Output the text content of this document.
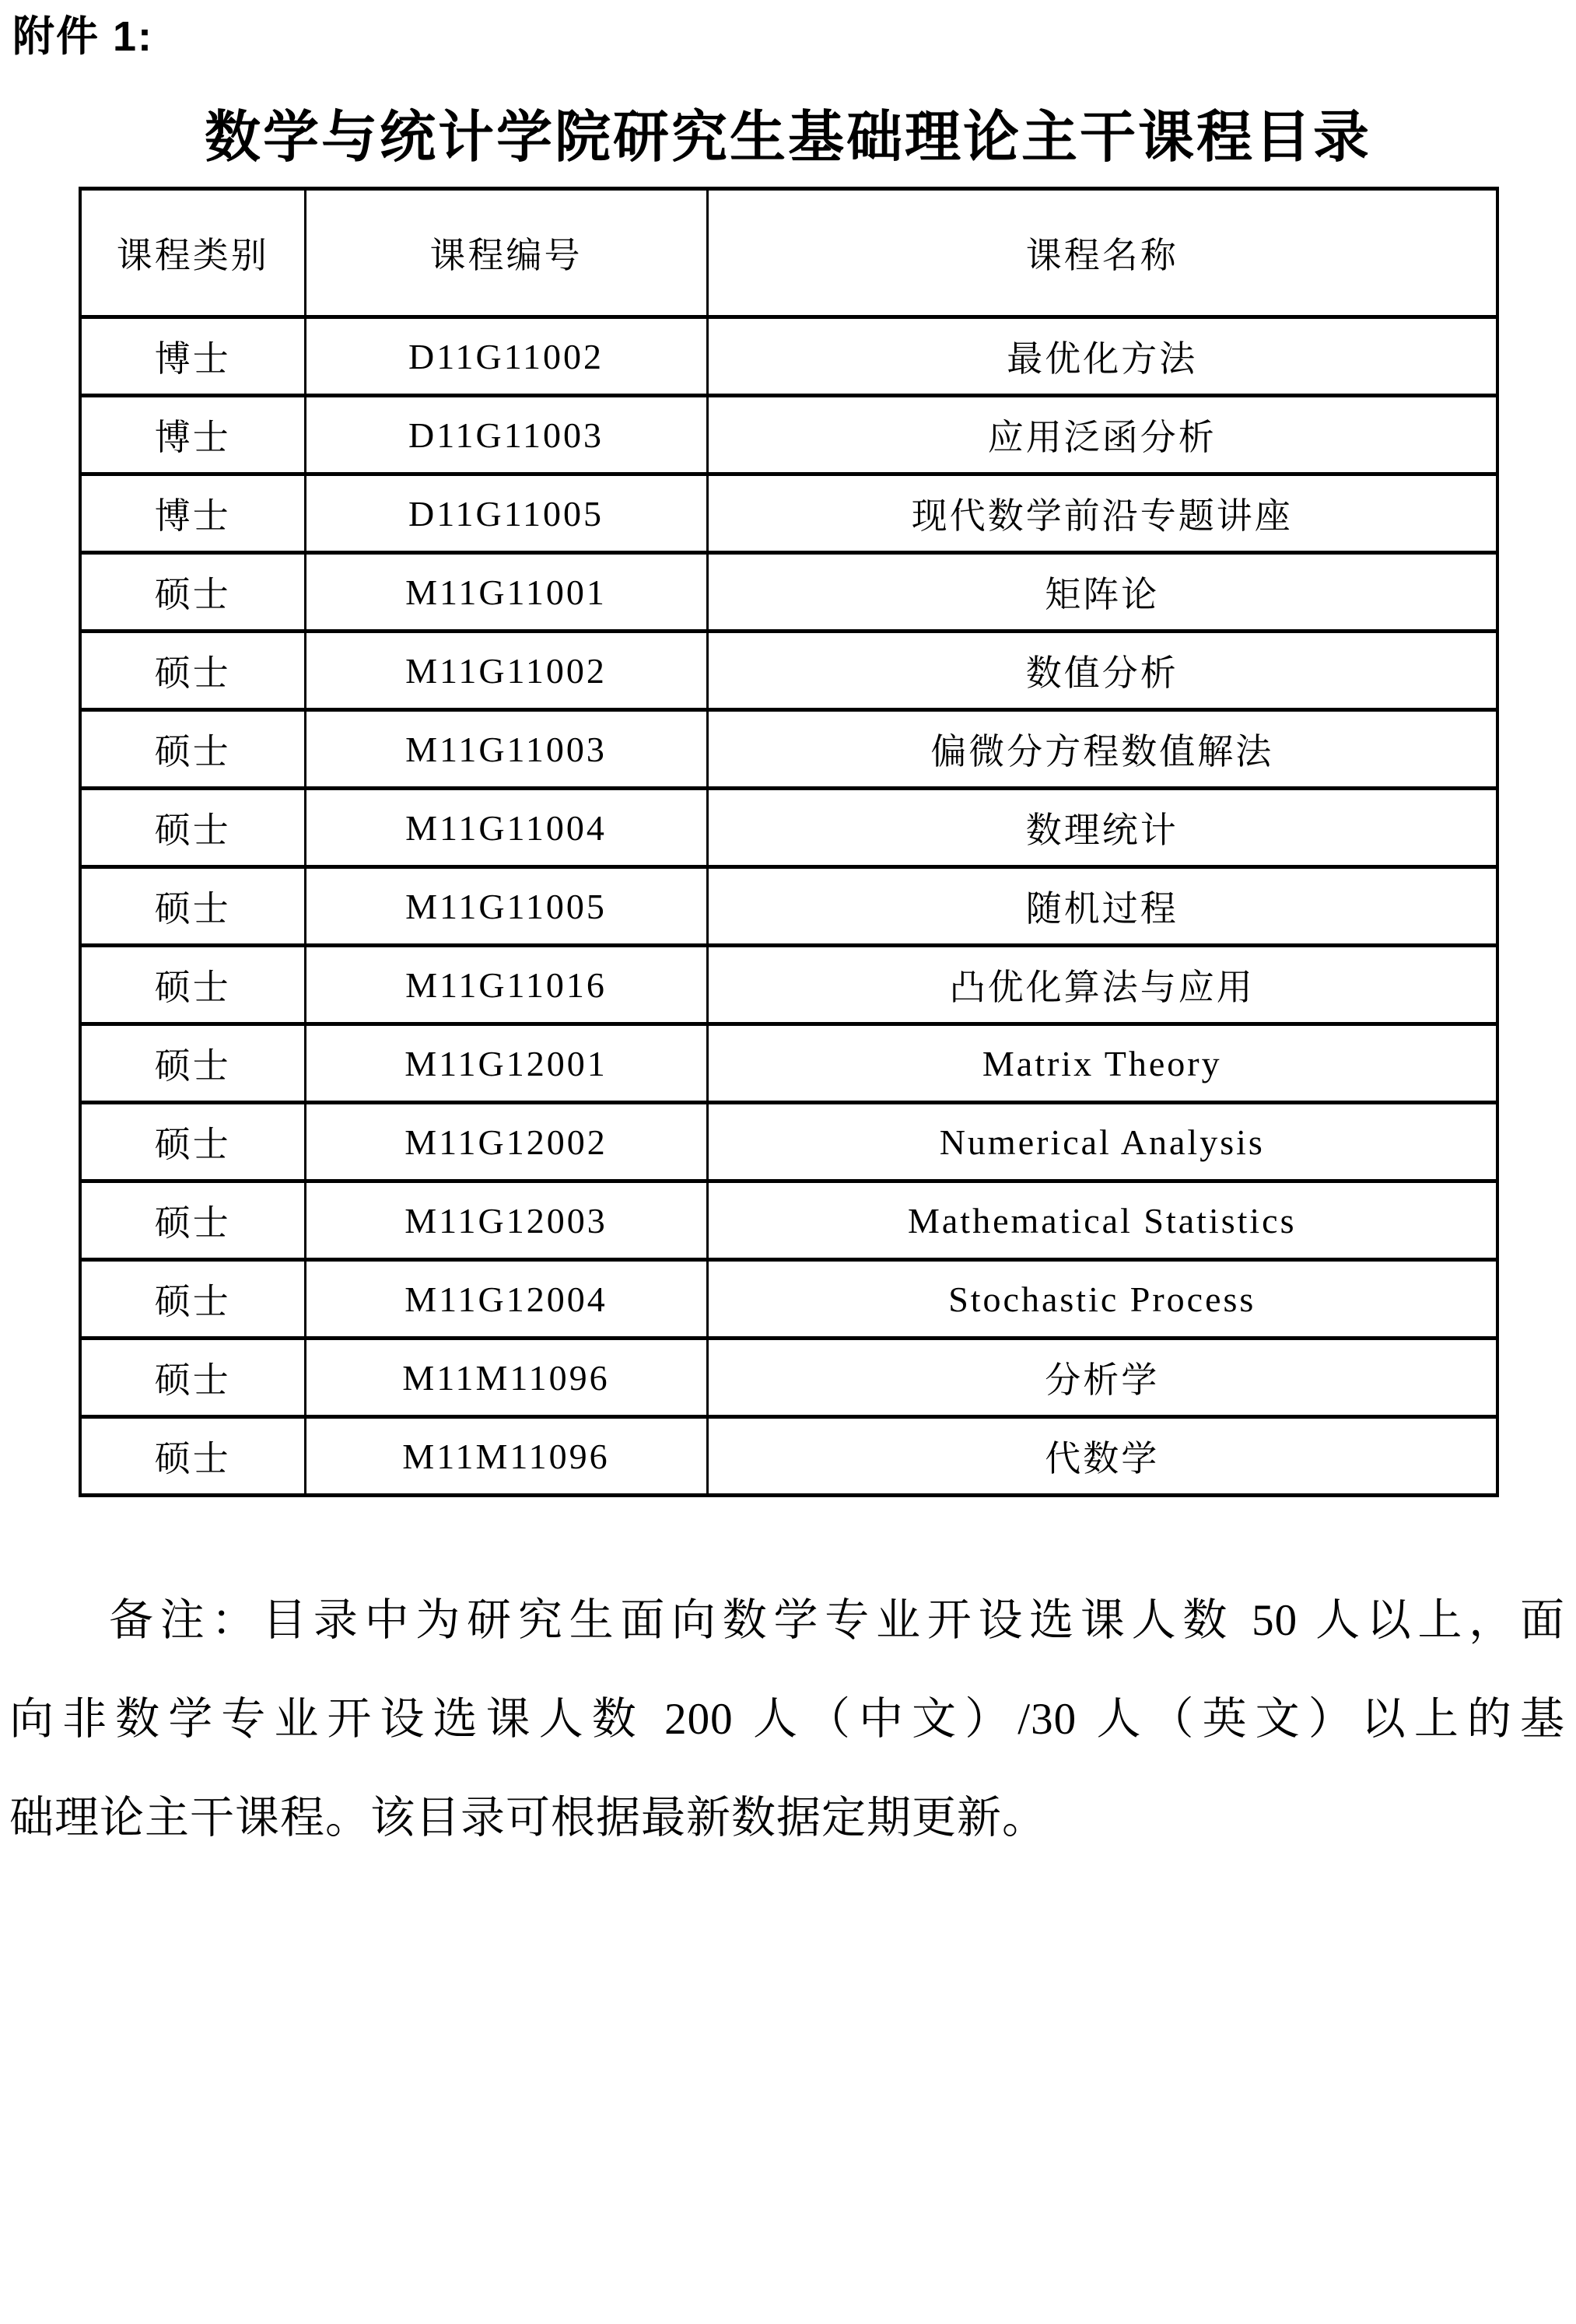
附件 1:
数学与统计学院研究生基础理论主干课程目录
课程类别	课程编号	课程名称
博士	D11G11002	最优化方法
博士	D11G11003	应用泛函分析
博士	D11G11005	现代数学前沿专题讲座
硕士	M11G11001	矩阵论
硕士	M11G11002	数值分析
硕士	M11G11003	偏微分方程数值解法
硕士	M11G11004	数理统计
硕士	M11G11005	随机过程
硕士	M11G11016	凸优化算法与应用
硕士	M11G12001	Matrix Theory
硕士	M11G12002	Numerical Analysis
硕士	M11G12003	Mathematical Statistics
硕士	M11G12004	Stochastic Process
硕士	M11M11096	分析学
硕士	M11M11096	代数学
备注：目录中为研究生面向数学专业开设选课人数 50 人以上，面
向非数学专业开设选课人数 200 人（中文）/30 人（英文）以上的基
础理论主干课程。该目录可根据最新数据定期更新。
